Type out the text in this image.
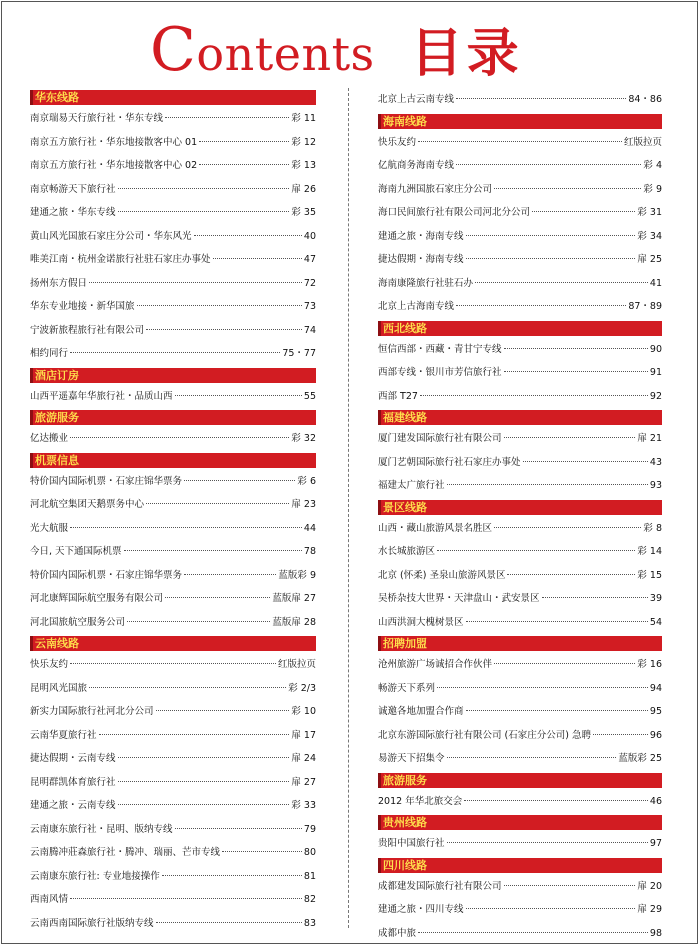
Contents 目录
华东线路
南京瑞易天行旅行社・华东专线	彩 11
南京五方旅行社・华东地接散客中心 01	彩 12
南京五方旅行社・华东地接散客中心 02	彩 13
南京畅游天下旅行社	扉 26
建通之旅・华东专线	彩 35
黄山风光国旅石家庄分公司・华东风光	40
唯美江南・杭州金诺旅行社驻石家庄办事处	47
扬州东方假日	72
华东专业地接・新华国旅	73
宁波新旅程旅行社有限公司	74
相约同行	75・77
酒店订房
山西平遥嘉年华旅行社・品质山西	55
旅游服务
亿达搬业	彩 32
机票信息
特价国内国际机票・石家庄锦华票务	彩 6
河北航空集团天鹅票务中心	扉 23
光大航服	44
今日, 天下通国际机票	78
特价国内国际机票・石家庄锦华票务	蓝版彩 9
河北康辉国际航空服务有限公司	蓝版扉 27
河北国旅航空服务公司	蓝版扉 28
云南线路
快乐友约	红版拉页
昆明风光国旅	彩 2/3
新实力国际旅行社河北分公司	彩 10
云南华夏旅行社	扉 17
捷达假期・云南专线	扉 24
昆明群凯体育旅行社	扉 27
建通之旅・云南专线	彩 33
云南康东旅行社・昆明、版纳专线	79
云南腾冲莊森旅行社・腾冲、瑞丽、芒市专线	80
云南康东旅行社: 专业地接操作	81
西南风情	82
云南西南国际旅行社版纳专线	83
北京上古云南专线	84・86
海南线路
快乐友约	红版拉页
亿航商务海南专线	彩 4
海南九洲国旅石家庄分公司	彩 9
海口民间旅行社有限公司河北分公司	彩 31
建通之旅・海南专线	彩 34
捷达假期・海南专线	扉 25
海南康隆旅行社驻石办	41
北京上古海南专线	87・89
西北线路
恒信西部・西藏・青甘宁专线	90
西部专线・银川市芳信旅行社	91
西部 T27	92
福建线路
厦门建发国际旅行社有限公司	扉 21
厦门艺朝国际旅行社石家庄办事处	43
福建太广旅行社	93
景区线路
山西・藏山旅游风景名胜区	彩 8
水长城旅游区	彩 14
北京 (怀柔) 圣泉山旅游风景区	彩 15
吴桥杂技大世界・天津盘山・武安景区	39
山西洪洞大槐树景区	54
招聘加盟
沧州旅游广场诚招合作伙伴	彩 16
畅游天下系列	94
诚邀各地加盟合作商	95
北京东游国际旅行社有限公司 (石家庄分公司) 急聘	96
易游天下招集令	蓝版彩 25
旅游服务
2012 年华北旅交会	46
贵州线路
贵阳中国旅行社	97
四川线路
成都建发国际旅行社有限公司	扉 20
建通之旅・四川专线	扉 29
成都中旅	98
